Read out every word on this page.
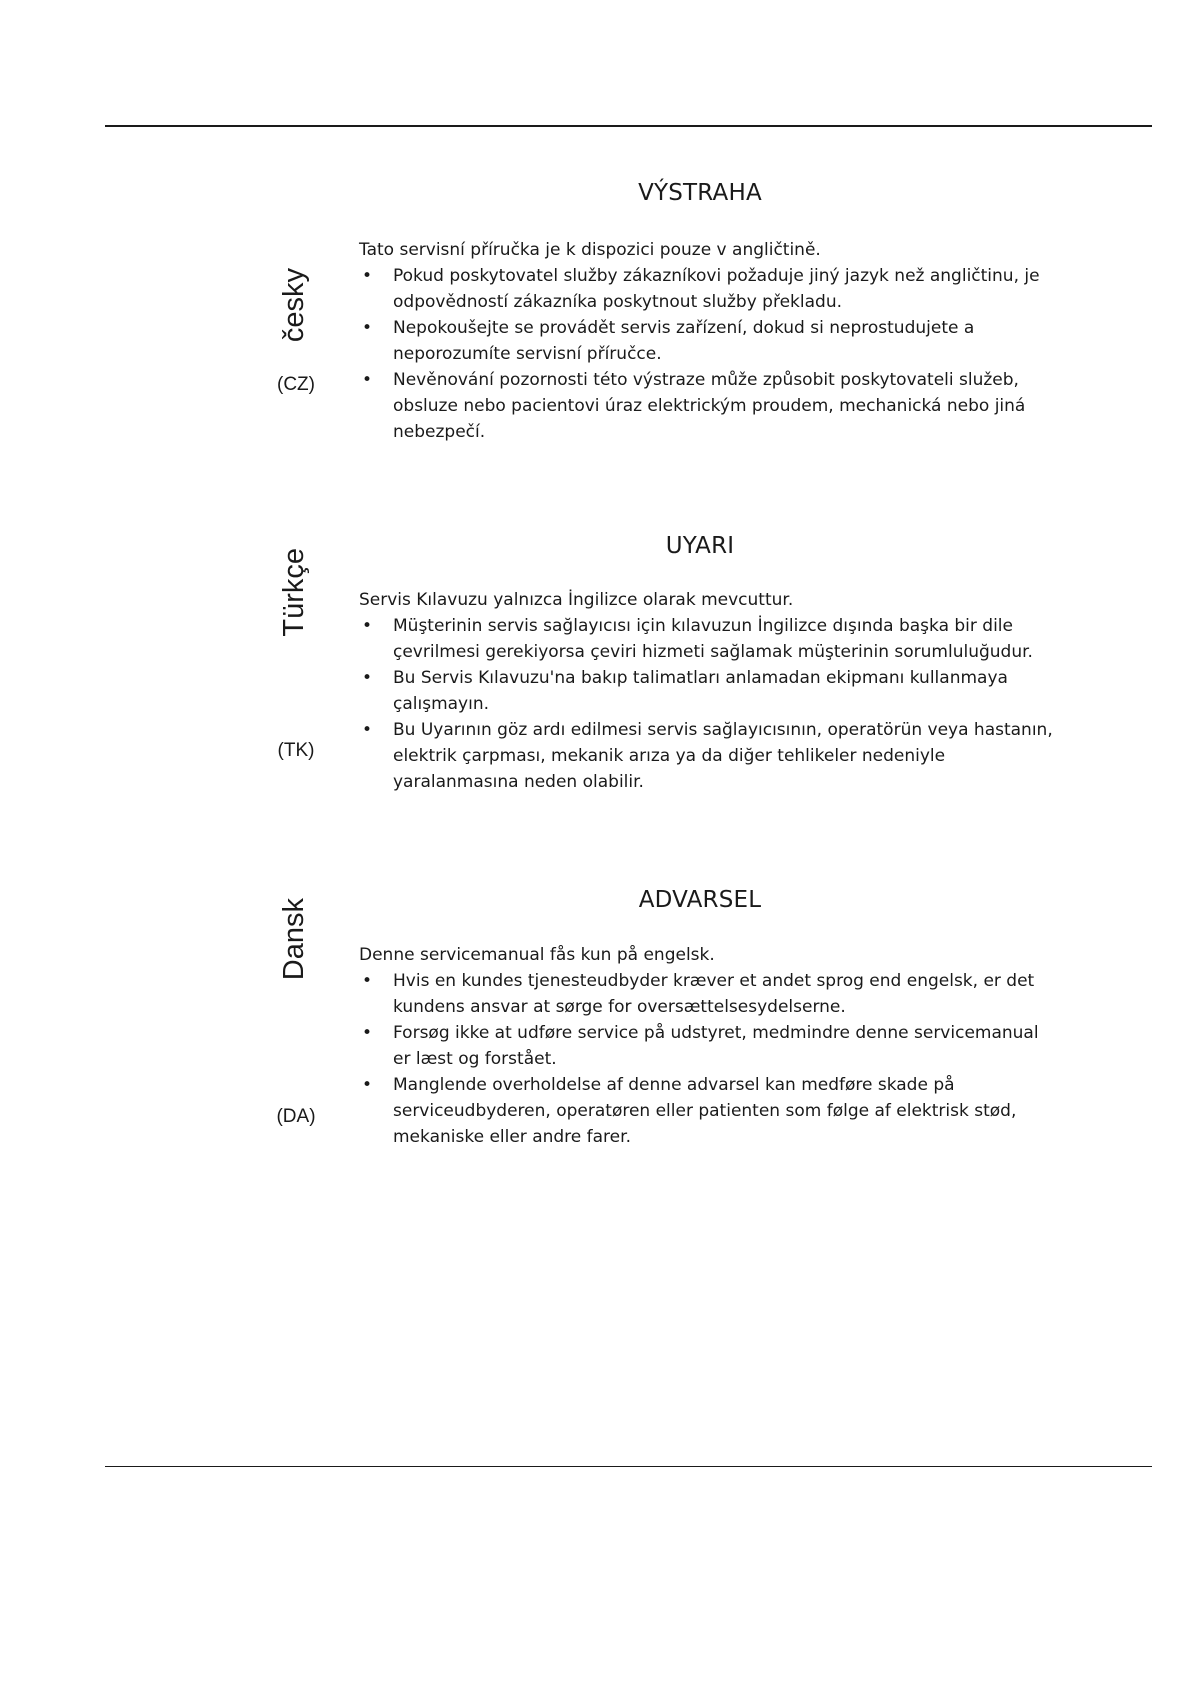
česky
(CZ)
VÝSTRAHA
Tato servisní příručka je k dispozici pouze v angličtině.
• Pokud poskytovatel služby zákazníkovi požaduje jiný jazyk než angličtinu, je odpovědností zákazníka poskytnout služby překladu.
• Nepokoušejte se provádět servis zařízení, dokud si neprostudujete a neporozumíte servisní příručce.
• Nevěnování pozornosti této výstraze může způsobit poskytovateli služeb, obsluze nebo pacientovi úraz elektrickým proudem, mechanická nebo jiná nebezpečí.
Türkçe
(TK)
UYARI
Servis Kılavuzu yalnızca İngilizce olarak mevcuttur.
• Müşterinin servis sağlayıcısı için kılavuzun İngilizce dışında başka bir dile çevrilmesi gerekiyorsa çeviri hizmeti sağlamak müşterinin sorumluluğudur.
• Bu Servis Kılavuzu'na bakıp talimatları anlamadan ekipmanı kullanmaya çalışmayın.
• Bu Uyarının göz ardı edilmesi servis sağlayıcısının, operatörün veya hastanın, elektrik çarpması, mekanik arıza ya da diğer tehlikeler nedeniyle yaralanmasına neden olabilir.
Dansk
(DA)
ADVARSEL
Denne servicemanual fås kun på engelsk.
• Hvis en kundes tjenesteudbyder kræver et andet sprog end engelsk, er det kundens ansvar at sørge for oversættelsesydelserne.
• Forsøg ikke at udføre service på udstyret, medmindre denne servicemanual er læst og forstået.
• Manglende overholdelse af denne advarsel kan medføre skade på serviceudbyderen, operatøren eller patienten som følge af elektrisk stød, mekaniske eller andre farer.
